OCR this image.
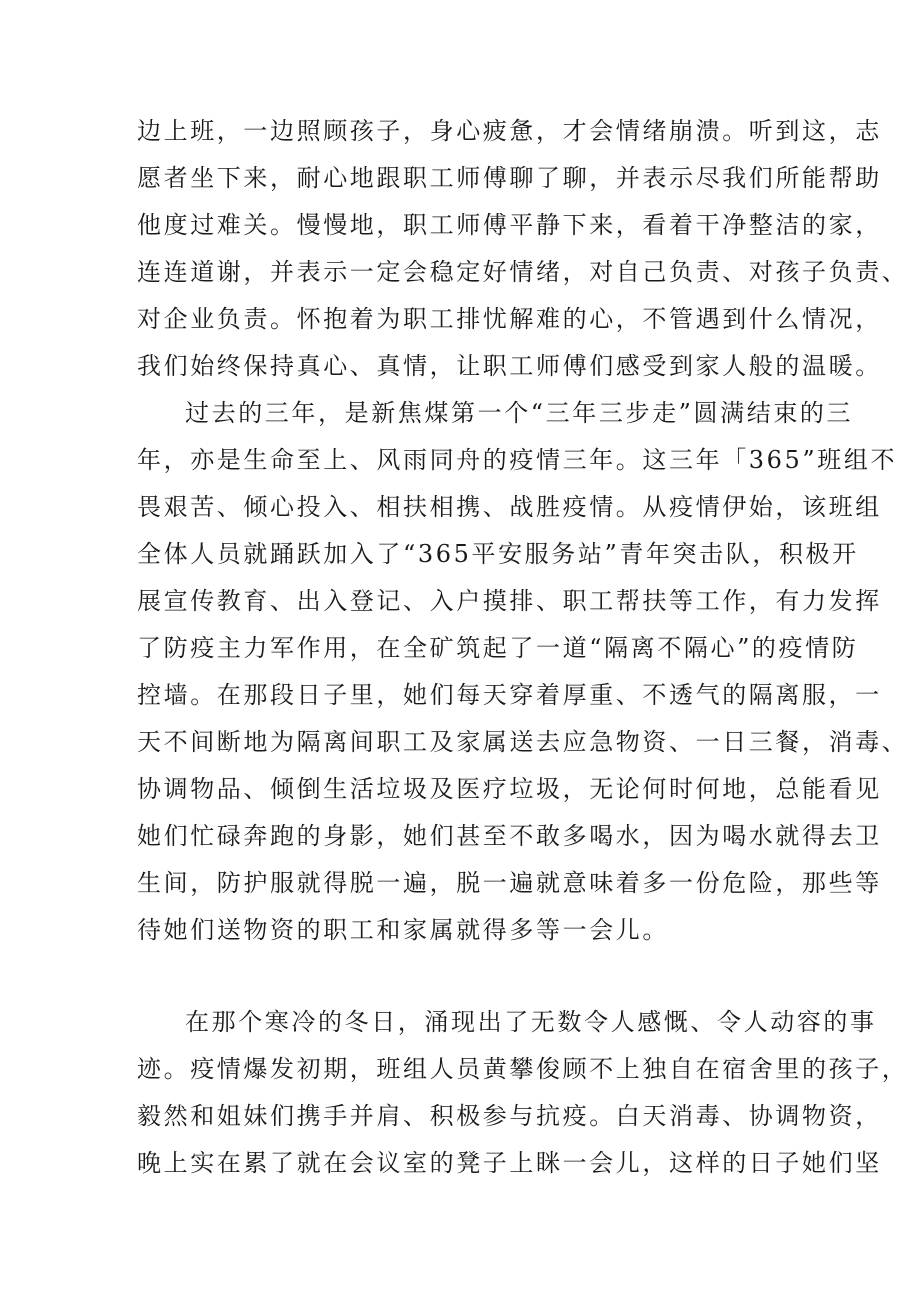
边上班，一边照顾孩子，身心疲惫，才会情绪崩溃。听到这，志
愿者坐下来，耐心地跟职工师傅聊了聊，并表示尽我们所能帮助
他度过难关。慢慢地，职工师傅平静下来，看着干净整洁的家，
连连道谢，并表示一定会稳定好情绪，对自己负责、对孩子负责、
对企业负责。怀抱着为职工排忧解难的心，不管遇到什么情况，
我们始终保持真心、真情，让职工师傅们感受到家人般的温暖。
过去的三年，是新焦煤第一个“三年三步走”圆满结束的三
年，亦是生命至上、风雨同舟的疫情三年。这三年「365”班组不
畏艰苦、倾心投入、相扶相携、战胜疫情。从疫情伊始，该班组
全体人员就踊跃加入了“365平安服务站”青年突击队，积极开
展宣传教育、出入登记、入户摸排、职工帮扶等工作，有力发挥
了防疫主力军作用，在全矿筑起了一道“隔离不隔心”的疫情防
控墙。在那段日子里，她们每天穿着厚重、不透气的隔离服，一
天不间断地为隔离间职工及家属送去应急物资、一日三餐，消毒、
协调物品、倾倒生活垃圾及医疗垃圾，无论何时何地，总能看见
她们忙碌奔跑的身影，她们甚至不敢多喝水，因为喝水就得去卫
生间，防护服就得脱一遍，脱一遍就意味着多一份危险，那些等
待她们送物资的职工和家属就得多等一会儿。
在那个寒冷的冬日，涌现出了无数令人感慨、令人动容的事
迹。疫情爆发初期，班组人员黄攀俊顾不上独自在宿舍里的孩子，
毅然和姐妹们携手并肩、积极参与抗疫。白天消毒、协调物资，
晚上实在累了就在会议室的凳子上眯一会儿，这样的日子她们坚
